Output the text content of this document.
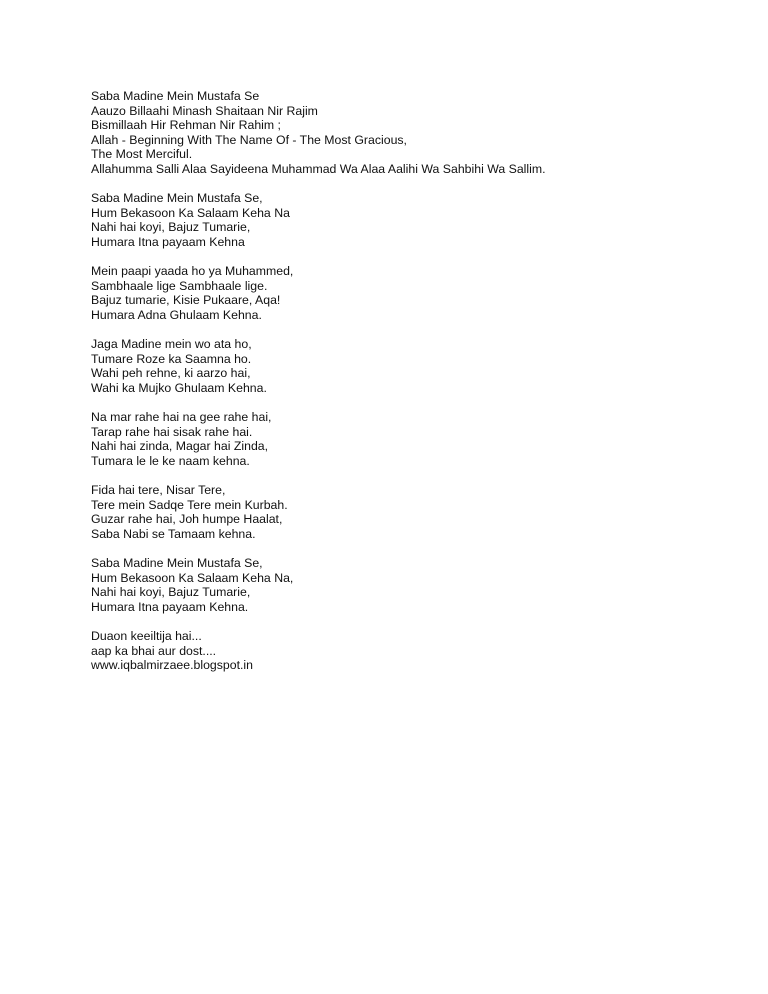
Saba Madine Mein Mustafa Se
Aauzo Billaahi Minash Shaitaan Nir Rajim
Bismillaah Hir Rehman Nir Rahim ;
Allah - Beginning With The Name Of - The Most Gracious,
The Most Merciful.
Allahumma Salli Alaa Sayideena Muhammad Wa Alaa Aalihi Wa Sahbihi Wa Sallim.
Saba Madine Mein Mustafa Se,
Hum Bekasoon Ka Salaam Keha Na
Nahi hai koyi, Bajuz Tumarie,
Humara Itna payaam Kehna
Mein paapi yaada ho ya Muhammed,
Sambhaale lige Sambhaale lige.
Bajuz tumarie, Kisie Pukaare, Aqa!
Humara Adna Ghulaam Kehna.
Jaga Madine mein wo ata ho,
Tumare Roze ka Saamna ho.
Wahi peh rehne, ki aarzo hai,
Wahi ka Mujko Ghulaam Kehna.
Na mar rahe hai na gee rahe hai,
Tarap rahe hai sisak rahe hai.
Nahi hai zinda, Magar hai Zinda,
Tumara le le ke naam kehna.
Fida hai tere, Nisar Tere,
Tere mein Sadqe Tere mein Kurbah.
Guzar rahe hai, Joh humpe Haalat,
Saba Nabi se Tamaam kehna.
Saba Madine Mein Mustafa Se,
Hum Bekasoon Ka Salaam Keha Na,
Nahi hai koyi, Bajuz Tumarie,
Humara Itna payaam Kehna.
Duaon keeiltija hai...
aap ka bhai aur dost....
www.iqbalmirzaee.blogspot.in
